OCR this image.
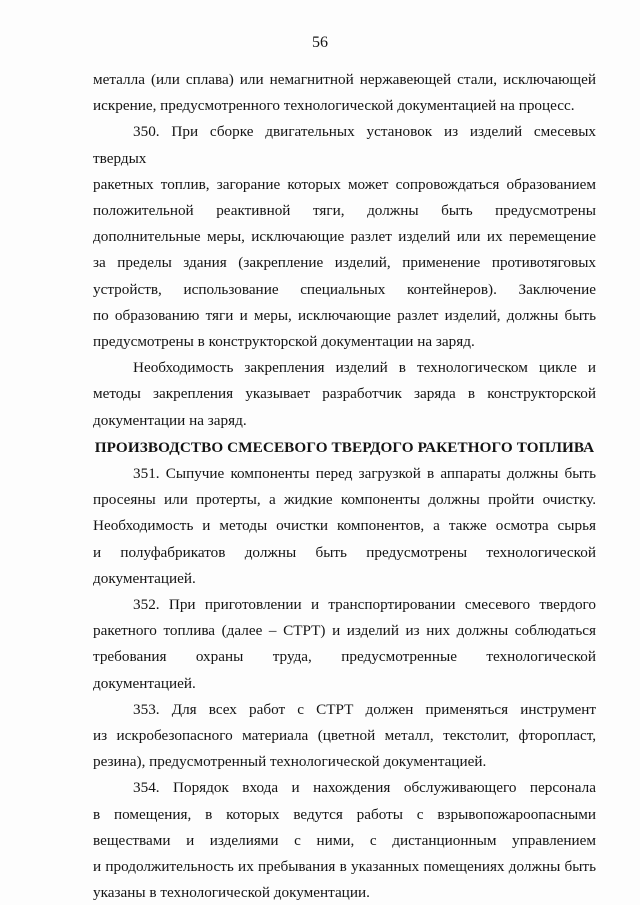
56

металла (или сплава) или немагнитной нержавеющей стали, исключающей
искрение, предусмотренного технологической документацией на процесс.

350. При сборке двигательных установок из изделий смесевых твердых
ракетных топлив, загорание которых может сопровождаться образованием
положительной реактивной тяги, должны быть предусмотрены
дополнительные меры, исключающие разлет изделий или их перемещение
за пределы здания (закрепление изделий, применение противотяговых
устройств, использование специальных контейнеров). Заключение
по образованию тяги и меры, исключающие разлет изделий, должны быть
предусмотрены в конструкторской документации на заряд.

Необходимость закрепления изделий в технологическом цикле и
методы закрепления указывает разработчик заряда в конструкторской
документации на заряд.

ПРОИЗВОДСТВО СМЕСЕВОГО ТВЕРДОГО РАКЕТНОГО ТОПЛИВА

351. Сыпучие компоненты перед загрузкой в аппараты должны быть
просеяны или протерты, а жидкие компоненты должны пройти очистку.
Необходимость и методы очистки компонентов, а также осмотра сырья
и полуфабрикатов должны быть предусмотрены технологической
документацией.

352. При приготовлении и транспортировании смесевого твердого
ракетного топлива (далее – СТРТ) и изделий из них должны соблюдаться
требования охраны труда, предусмотренные технологической документацией.

353. Для всех работ с СТРТ должен применяться инструмент
из искробезопасного материала (цветной металл, текстолит, фторопласт,
резина), предусмотренный технологической документацией.

354. Порядок входа и нахождения обслуживающего персонала
в помещения, в которых ведутся работы с взрывопожароопасными
веществами и изделиями с ними, с дистанционным управлением
и продолжительность их пребывания в указанных помещениях должны быть
указаны в технологической документации.
